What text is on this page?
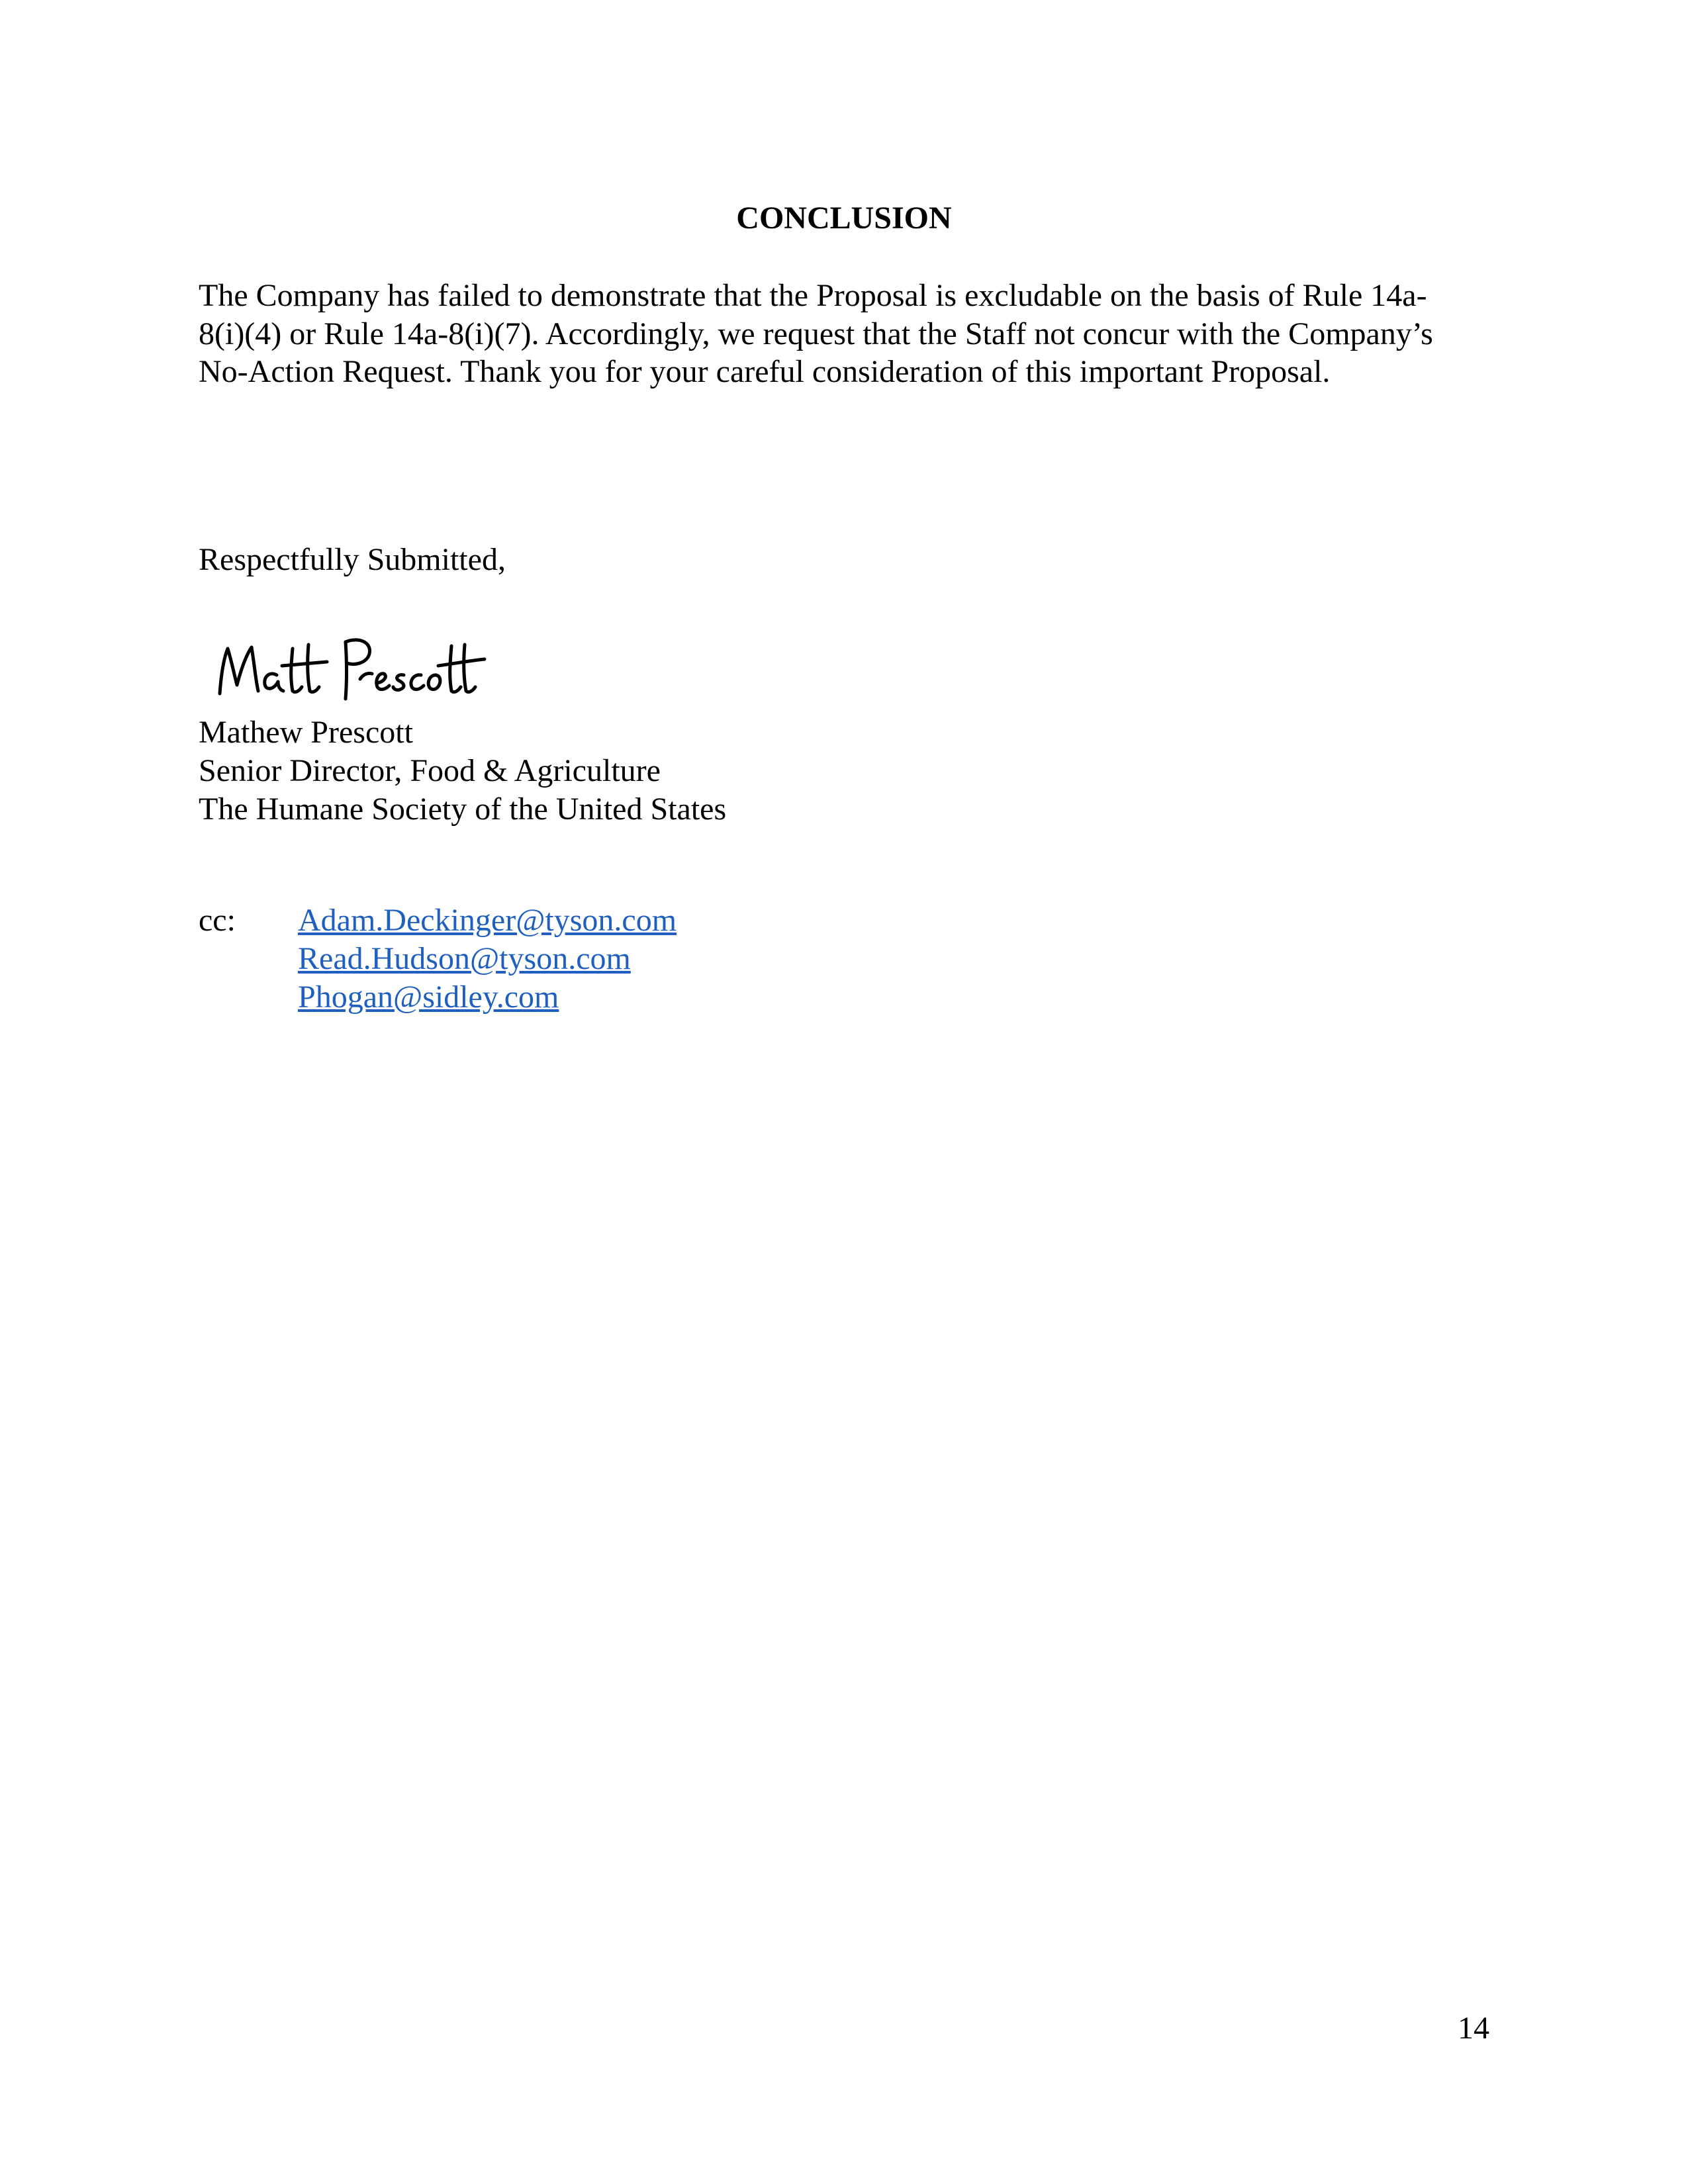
CONCLUSION

The Company has failed to demonstrate that the Proposal is excludable on the basis of Rule 14a-
8(i)(4) or Rule 14a-8(i)(7). Accordingly, we request that the Staff not concur with the Company’s
No-Action Request. Thank you for your careful consideration of this important Proposal.

Respectfully Submitted,
Mathew Prescott
Senior Director, Food & Agriculture
The Humane Society of the United States
cc: Adam.Deckinger@tyson.com
Read.Hudson@tyson.com
Phogan@sidley.com
14
